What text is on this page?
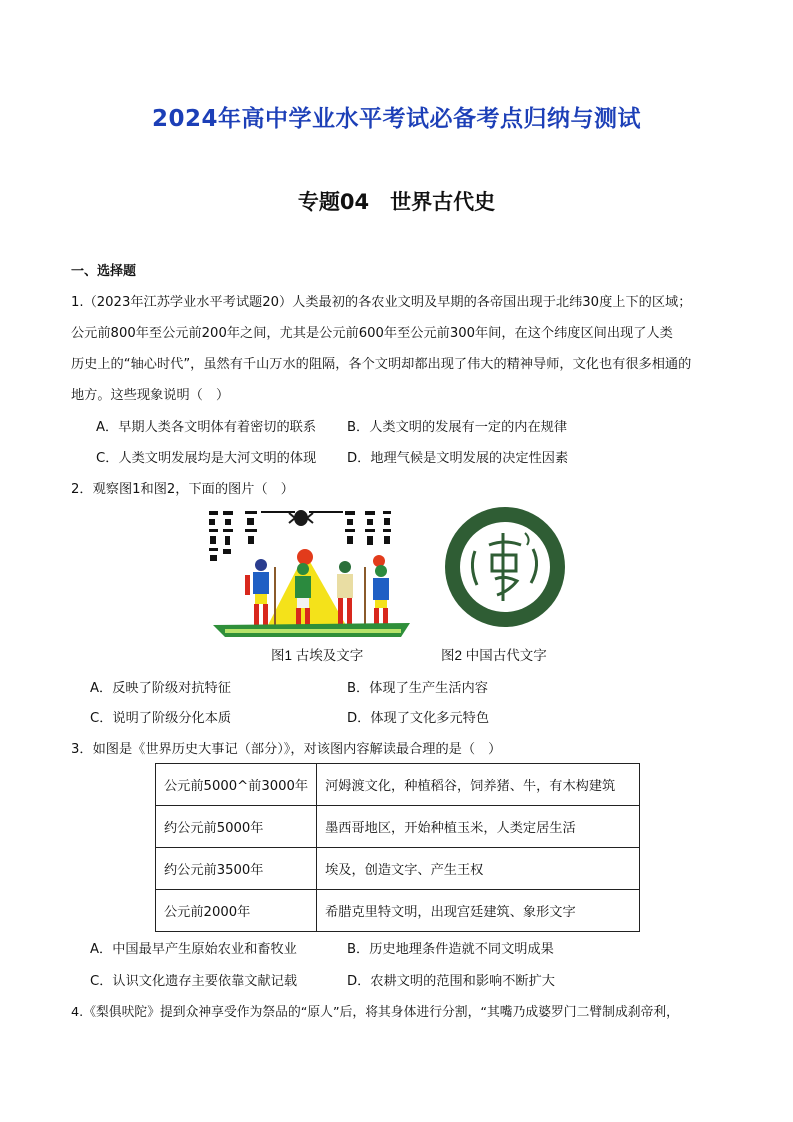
2024年高中学业水平考试必备考点归纳与测试
专题04　世界古代史
一、选择题
1.（2023年江苏学业水平考试题20）人类最初的各农业文明及早期的各帝国出现于北纬30度上下的区域；
公元前800年至公元前200年之间，尤其是公元前600年至公元前300年间，在这个纬度区间出现了人类
历史上的“轴心时代”，虽然有千山万水的阻隔，各个文明却都出现了伟大的精神导师，文化也有很多相通的
地方。这些现象说明（　）
A．早期人类各文明体有着密切的联系 B．人类文明的发展有一定的内在规律
C．人类文明发展均是大河文明的体现 D．地理气候是文明发展的决定性因素
2．观察图1和图2，下面的图片（　）
图1 古埃及文字	图2 中国古代文字
A．反映了阶级对抗特征	B．体现了生产生活内容
C．说明了阶级分化本质	D．体现了文化多元特色
3．如图是《世界历史大事记（部分）》，对该图内容解读最合理的是（　）
公元前5000^前3000年	河姆渡文化，种植稻谷，饲养猪、牛，有木构建筑
约公元前5000年	墨西哥地区，开始种植玉米，人类定居生活
约公元前3500年	埃及，创造文字、产生王权
公元前2000年	希腊克里特文明，出现宫廷建筑、象形文字
A．中国最早产生原始农业和畜牧业	B．历史地理条件造就不同文明成果
C．认识文化遗存主要依靠文献记载	D．农耕文明的范围和影响不断扩大
4.《梨俱吠陀》提到众神享受作为祭品的“原人”后，将其身体进行分割，“其嘴乃成婆罗门二臂制成刹帝利，
